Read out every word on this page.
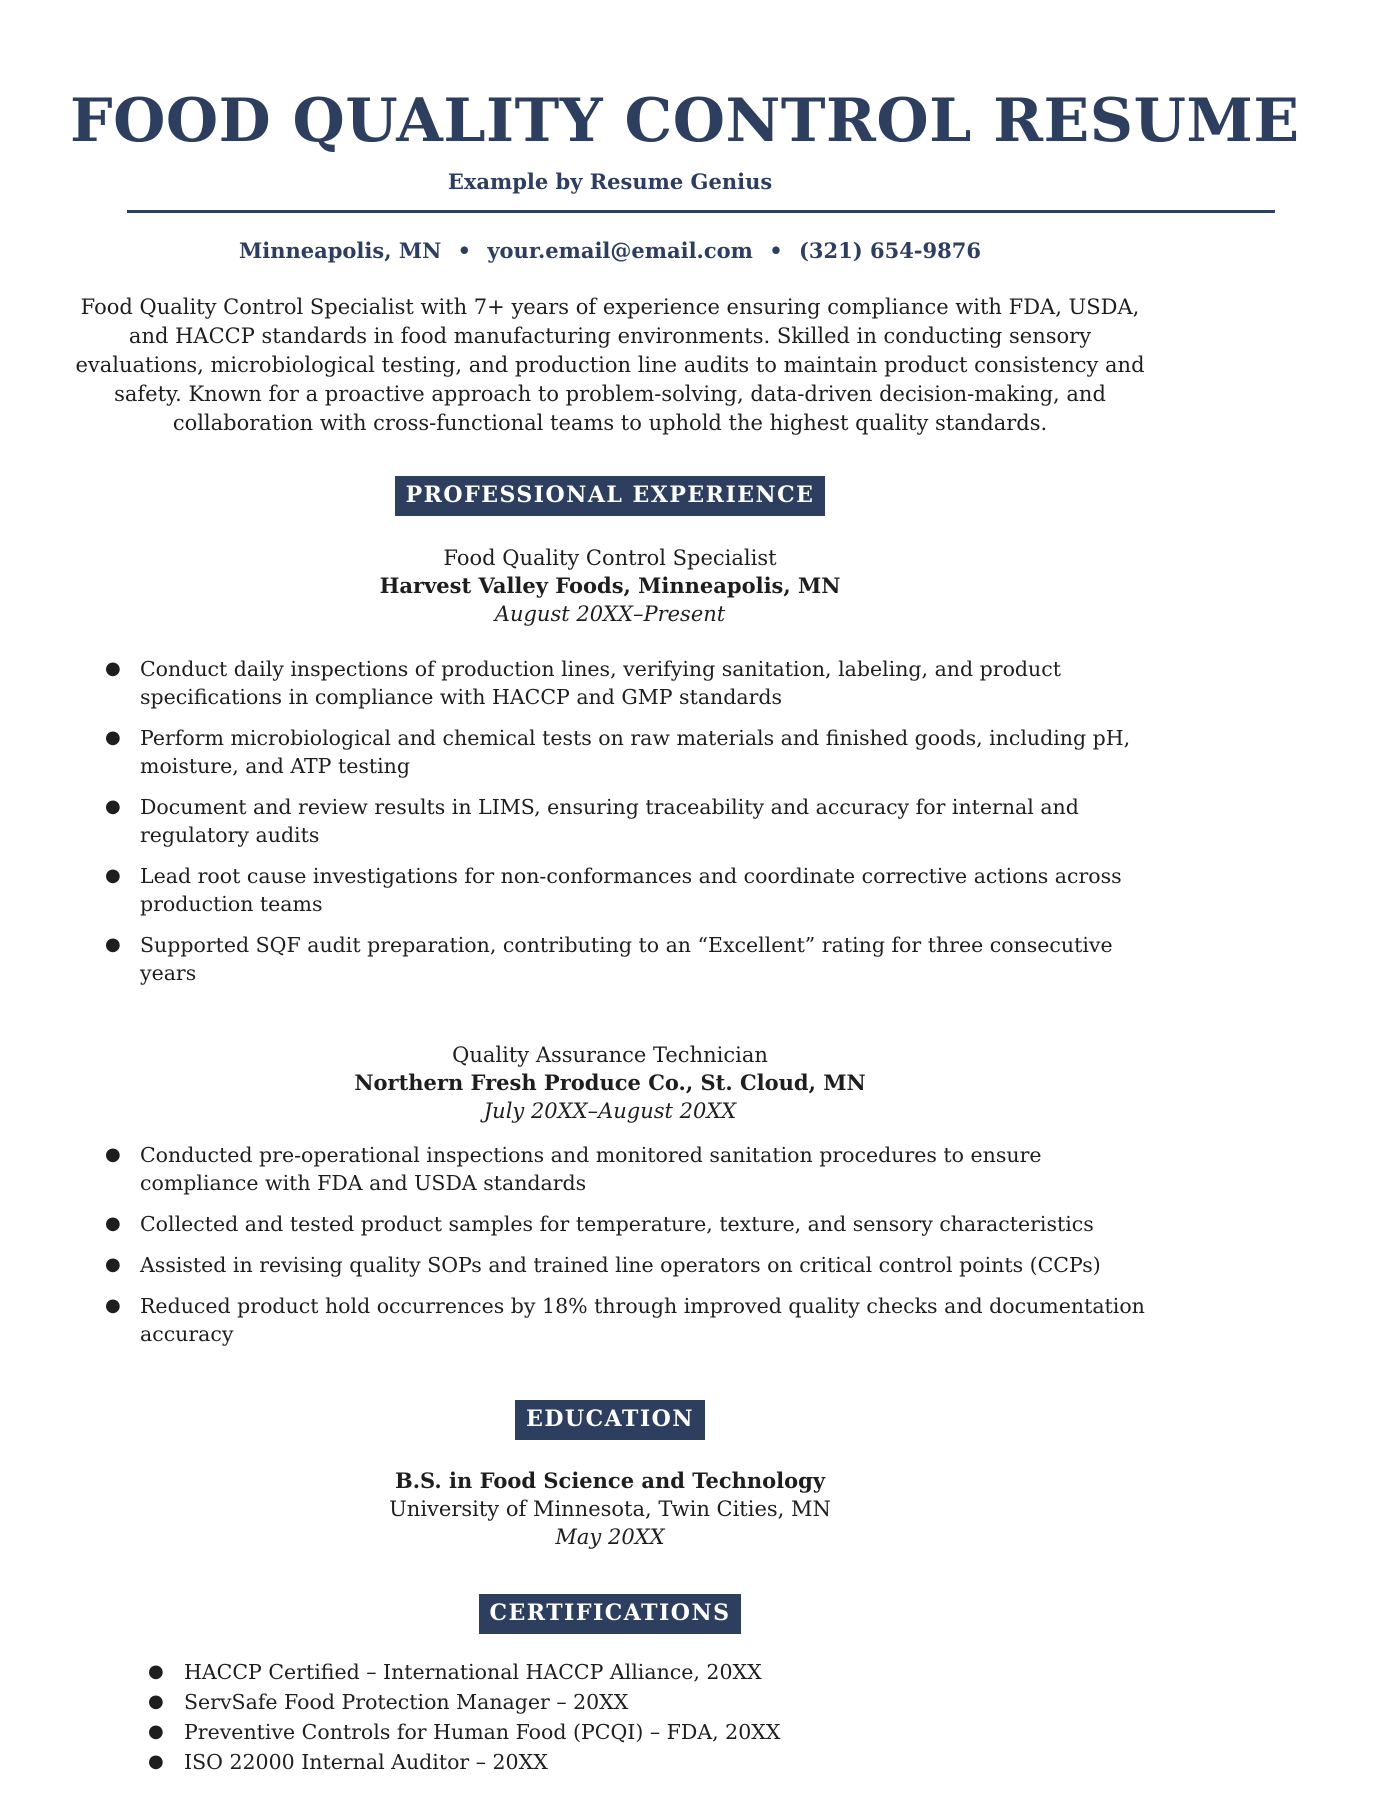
FOOD QUALITY CONTROL RESUME
Example by Resume Genius
Minneapolis, MN • your.email@email.com • (321) 654-9876
Food Quality Control Specialist with 7+ years of experience ensuring compliance with FDA, USDA, and HACCP standards in food manufacturing environments. Skilled in conducting sensory evaluations, microbiological testing, and production line audits to maintain product consistency and safety. Known for a proactive approach to problem-solving, data-driven decision-making, and collaboration with cross-functional teams to uphold the highest quality standards.
PROFESSIONAL EXPERIENCE
Food Quality Control Specialist
Harvest Valley Foods, Minneapolis, MN
August 20XX–Present
● Conduct daily inspections of production lines, verifying sanitation, labeling, and product specifications in compliance with HACCP and GMP standards
● Perform microbiological and chemical tests on raw materials and finished goods, including pH, moisture, and ATP testing
● Document and review results in LIMS, ensuring traceability and accuracy for internal and regulatory audits
● Lead root cause investigations for non-conformances and coordinate corrective actions across production teams
● Supported SQF audit preparation, contributing to an “Excellent” rating for three consecutive years
Quality Assurance Technician
Northern Fresh Produce Co., St. Cloud, MN
July 20XX–August 20XX
● Conducted pre-operational inspections and monitored sanitation procedures to ensure compliance with FDA and USDA standards
● Collected and tested product samples for temperature, texture, and sensory characteristics
● Assisted in revising quality SOPs and trained line operators on critical control points (CCPs)
● Reduced product hold occurrences by 18% through improved quality checks and documentation accuracy
EDUCATION
B.S. in Food Science and Technology
University of Minnesota, Twin Cities, MN
May 20XX
CERTIFICATIONS
● HACCP Certified – International HACCP Alliance, 20XX
● ServSafe Food Protection Manager – 20XX
● Preventive Controls for Human Food (PCQI) – FDA, 20XX
● ISO 22000 Internal Auditor – 20XX
